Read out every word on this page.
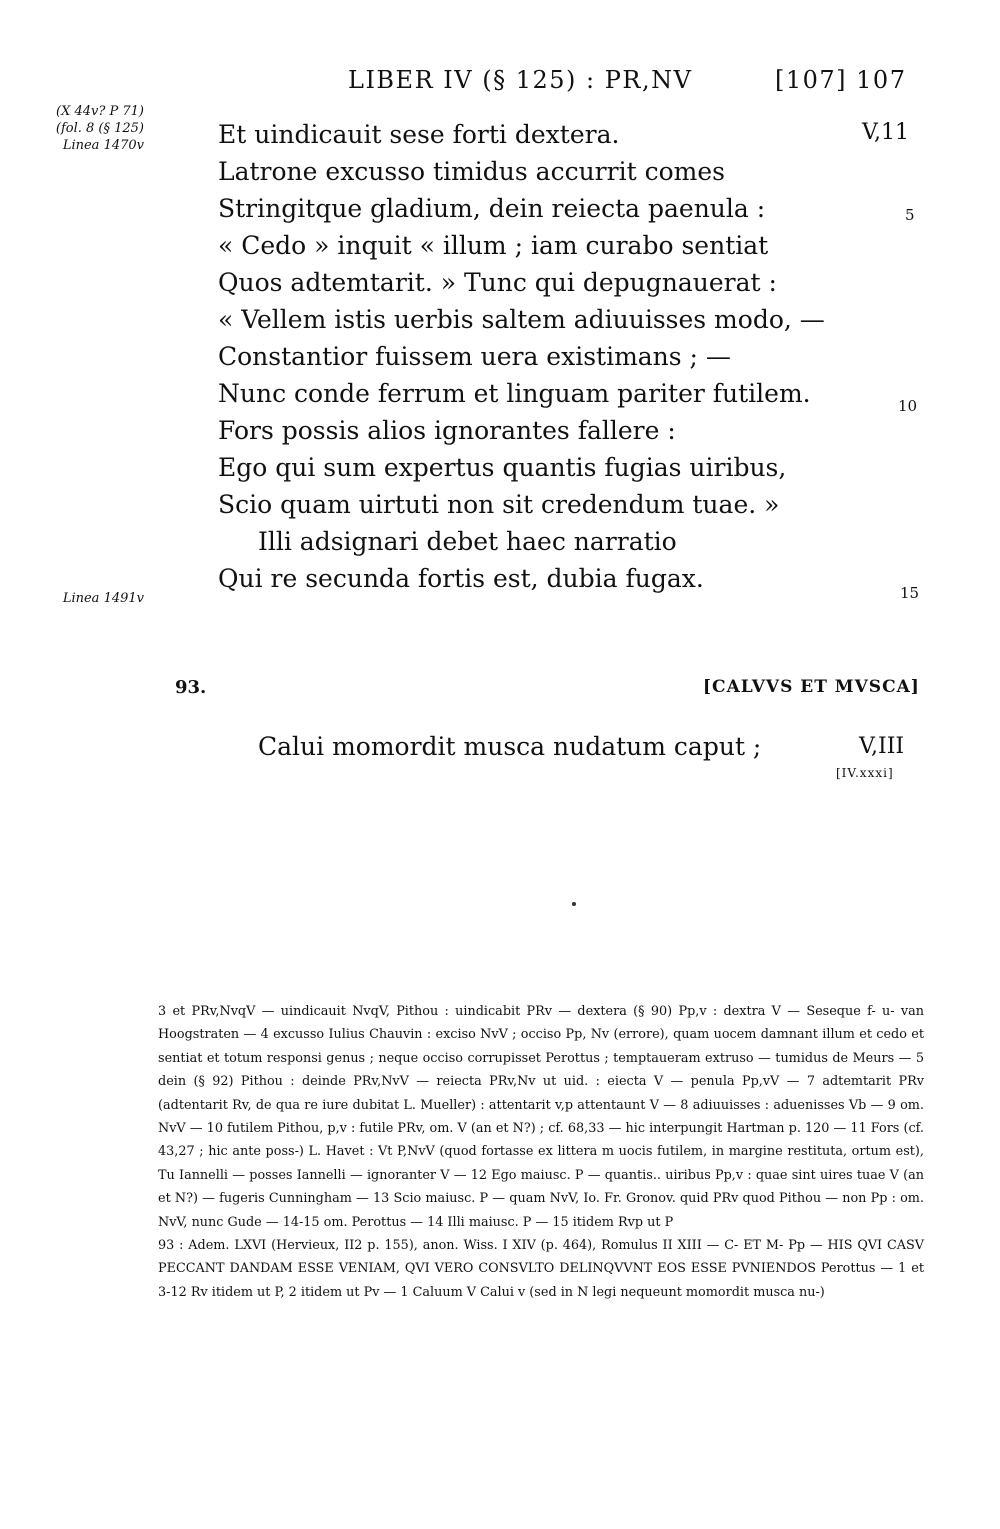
LIBER IV (§ 125) : PR,NV	[107] 107
(X 44v? P 71)
(fol. 8 (§ 125)
Linea 1470v
Linea 1491v
Et uindicauit sese forti dextera.
Latrone excusso timidus accurrit comes
Stringitque gladium, dein reiecta paenula :
« Cedo » inquit « illum ; iam curabo sentiat
Quos adtemtarit. » Tunc qui depugnauerat :
« Vellem istis uerbis saltem adiuuisses modo, —
Constantior fuissem uera existimans ; —
Nunc conde ferrum et linguam pariter futilem.
Fors possis alios ignorantes fallere :
Ego qui sum expertus quantis fugias uiribus,
Scio quam uirtuti non sit credendum tuae. »
Illi adsignari debet haec narratio
Qui re secunda fortis est, dubia fugax.
V,11
5
10
15
93.	[CALVVS ET MVSCA]
Calui momordit musca nudatum caput ;	V,III
[IV.xxxi]

3 et PRv,NvqV — uindicauit NvqV, Pithou : uindicabit PRv — dextera (§ 90) Pp,v : dextra V — Seseque f- u- van Hoogstraten — 4 excusso Iulius Chauvin : exciso NvV ; occiso Pp, Nv (errore), quam uocem damnant illum et cedo et sentiat et totum responsi genus ; neque occiso corrupisset Perottus ; temptaueram extruso — tumidus de Meurs — 5 dein (§ 92) Pithou : deinde PRv,NvV — reiecta PRv,Nv ut uid. : eiecta V — penula Pp,vV — 7 adtemtarit PRv (adtentarit Rv, de qua re iure dubitat L. Mueller) : attentarit v,p attentaunt V — 8 adiuuisses : aduenisses Vb — 9 om. NvV — 10 futilem Pithou, p,v : futile PRv, om. V (an et N?) ; cf. 68,33 — hic interpungit Hartman p. 120 — 11 Fors (cf. 43,27 ; hic ante poss-) L. Havet : Vt P,NvV (quod fortasse ex littera m uocis futilem, in margine restituta, ortum est), Tu Iannelli — posses Iannelli — ignoranter V — 12 Ego maiusc. P — quantis.. uiribus Pp,v : quae sint uires tuae V (an et N?) — fugeris Cunningham — 13 Scio maiusc. P — quam NvV, Io. Fr. Gronov. quid PRv quod Pithou — non Pp : om. NvV, nunc Gude — 14-15 om. Perottus — 14 Illi maiusc. P — 15 itidem Rvp ut P

93 : Adem. LXVI (Hervieux, II2 p. 155), anon. Wiss. I XIV (p. 464), Romulus II XIII — C- ET M- Pp — HIS QVI CASV PECCANT DANDAM ESSE VENIAM, QVI VERO CONSVLTO DELINQVVNT EOS ESSE PVNIENDOS Perottus — 1 et 3-12 Rv itidem ut P, 2 itidem ut Pv — 1 Caluum V Calui v (sed in N legi nequeunt momordit musca nu-)
